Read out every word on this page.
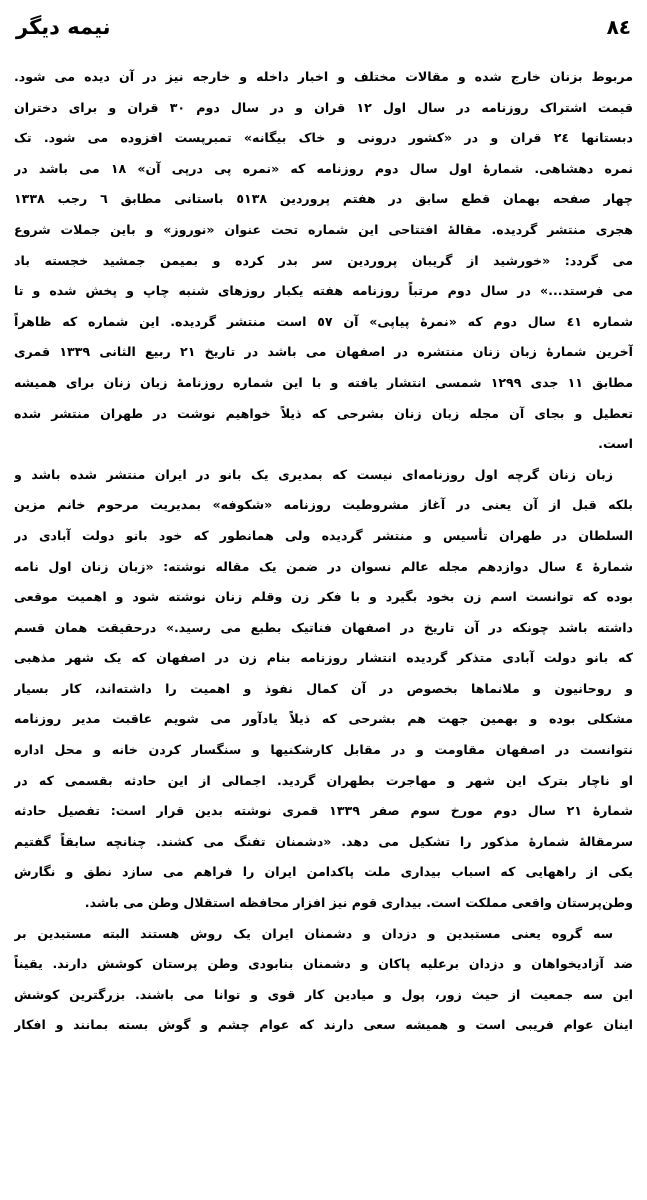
نیمه دیگر	۸٤
مربوط بزنان خارج شده و مقالات مختلف و اخبار داخله و خارجه نیز در آن دیده می شود.
قیمت اشتراک روزنامه در سال اول ۱۲ قران و در سال دوم ۳۰ قران و برای دختران
دبستانها ٢٤ قران و در «کشور درونی و خاک بیگانه» تمبرپست افزوده می شود. تک
نمره دهشاهی. شمارهٔ اول سال دوم روزنامه که «نمره پی درپی آن» ۱۸ می باشد در
چهار صفحه بهمان قطع سابق در هفتم پروردین ٥۱۳۸ باستانی مطابق ٦ رجب ۱۳۳۸
هجری منتشر گردیده. مقالهٔ افتتاحی این شماره تحت عنوان «نوروز» و باین جملات شروع
می گردد: «خورشید از گریبان پروردین سر بدر کرده و بمیمن جمشید خجسته باد
می فرستد...» در سال دوم مرتباً روزنامه هفته یکبار روزهای شنبه چاپ و پخش شده و تا
شماره ٤۱ سال دوم که «نمرهٔ پیاپی» آن ٥۷ است منتشر گردیده. این شماره که ظاهراً
آخرین شمارهٔ زبان زنان منتشره در اصفهان می باشد در تاریخ ۲۱ ربیع الثانی ۱۳۳۹ قمری
مطابق ۱۱ جدی ۱۲۹۹ شمسی انتشار یافته و با این شماره روزنامهٔ زبان زنان برای همیشه
تعطیل و بجای آن مجله زبان زنان بشرحی که ذیلاً خواهیم نوشت در طهران منتشر شده
است.
زبان زنان گرچه اول روزنامه‌ای نیست که بمدیری یک بانو در ایران منتشر شده باشد و
بلکه قبل از آن یعنی در آغاز مشروطیت روزنامه «شکوفه» بمدیریت مرحوم خانم مزین
السلطان در طهران تأسیس و منتشر گردیده ولی همانطور که خود بانو دولت آبادی در
شمارهٔ ٤ سال دوازدهم مجله عالم نسوان در ضمن یک مقاله نوشته: «زبان زنان اول نامه
بوده که توانست اسم زن بخود بگیرد و با فکر زن وقلم زنان نوشته شود و اهمیت موقعی
داشته باشد چونکه در آن تاریخ در اصفهان فناتیک بطبع می رسید.» درحقیقت همان قسم
که بانو دولت آبادی متذکر گردیده انتشار روزنامه بنام زن در اصفهان که یک شهر مذهبی
و روحانیون و ملانماها بخصوص در آن کمال نفوذ و اهمیت را داشته‌اند، کار بسیار
مشکلی بوده و بهمین جهت هم بشرحی که ذیلاً یادآور می شویم عاقبت مدیر روزنامه
نتوانست در اصفهان مقاومت و در مقابل کارشکنیها و سنگسار کردن خانه و محل اداره
او ناچار بترک این شهر و مهاجرت بطهران گردید. اجمالی از این حادثه بقسمی که در
شمارهٔ ۲۱ سال دوم مورخ سوم صفر ۱۳۳۹ قمری نوشته بدین قرار است: تفصیل حادثه
سرمقالهٔ شمارهٔ مذکور را تشکیل می دهد. «دشمنان تفنگ می کشند. چنانچه سابقاً گفتیم
یکی از راههایی که اسباب بیداری ملت پاکدامن ایران را فراهم می سازد نطق و نگارش
وطن‌پرستان واقعی مملکت است. بیداری قوم نیز افزار محافظه استقلال وطن می باشد.
سه گروه یعنی مستبدین و دزدان و دشمنان ایران یک روش هستند البته مستبدین بر
ضد آزادیخواهان و دزدان برعلیه پاکان و دشمنان بنابودی وطن پرستان کوشش دارند. یقیناً
این سه جمعیت از حیث زور، پول و میادین کار قوی و توانا می باشند. بزرگترین کوشش
اینان عوام فریبی است و همیشه سعی دارند که عوام چشم و گوش بسته بمانند و افکار
